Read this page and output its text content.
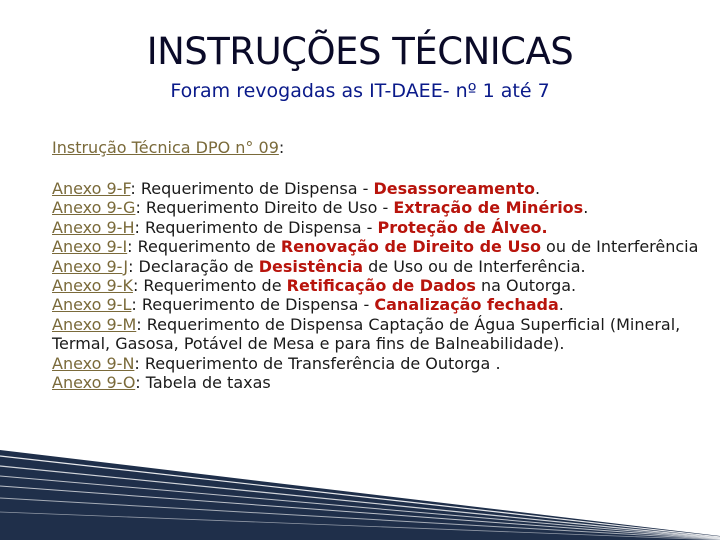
INSTRUÇÕES TÉCNICAS
Foram revogadas as IT-DAEE- nº 1 até 7
Instrução Técnica DPO n° 09:
Anexo 9-F: Requerimento de Dispensa - Desassoreamento.
Anexo 9-G: Requerimento Direito de Uso - Extração de Minérios.
Anexo 9-H: Requerimento de Dispensa - Proteção de Álveo.
Anexo 9-I: Requerimento de Renovação de Direito de Uso ou de Interferência
Anexo 9-J: Declaração de Desistência de Uso ou de Interferência.
Anexo 9-K: Requerimento de Retificação de Dados na Outorga.
Anexo 9-L: Requerimento de Dispensa - Canalização fechada.
Anexo 9-M: Requerimento de Dispensa Captação de Água Superficial (Mineral, Termal, Gasosa, Potável de Mesa e para fins de Balneabilidade).
Anexo 9-N: Requerimento de Transferência de Outorga .
Anexo 9-O: Tabela de taxas
